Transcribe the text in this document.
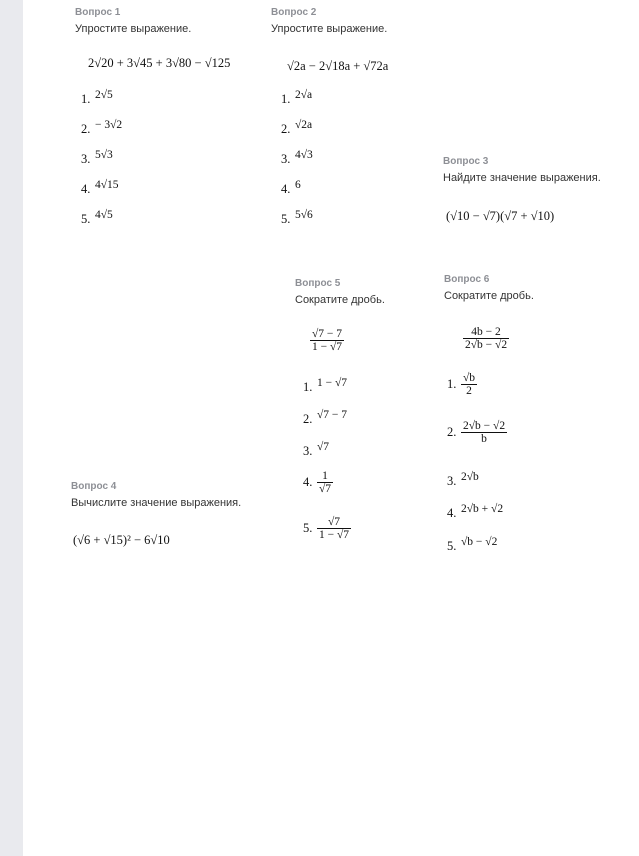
Вопрос 1
Упростите выражение.
2√20 + 3√45 + 3√80 − √125
1. $^{2√5}$
2. $^{- 3√2}$
3. $^{5√3}$
4. $^{4√15}$
5. $^{4√5}$
Вопрос 2
Упростите выражение.
√2a − 2√18a + √72a
1. $^{2√a}$
2. $^{√2a}$
3. $^{4√3}$
4. $^6$
5. $^{5√6}$
Вопрос 3
Найдите значение выражения.
(√10 − √7)(√7 + √10)
Вопрос 5
Сократите дробь.
$\frac{√7 - 7}{1 - √7}$
1. $^{1 - √7}$
2. $^{√7 - 7}$
3. $^{√7}$
4. $\frac{1}{√7}$
5. $\frac{√7}{1 - √7}$
Вопрос 6
Сократите дробь.
$\frac{4b - 2}{2√b - √2}$
1. $\frac{√b}{2}$
2. $\frac{2√b - √2}{b}$
3. $^{2√b}$
4. $^{2√b + √2}$
5. $^{√b - √2}$
Вопрос 4
Вычислите значение выражения.
(√6 + √15)² − 6√10
